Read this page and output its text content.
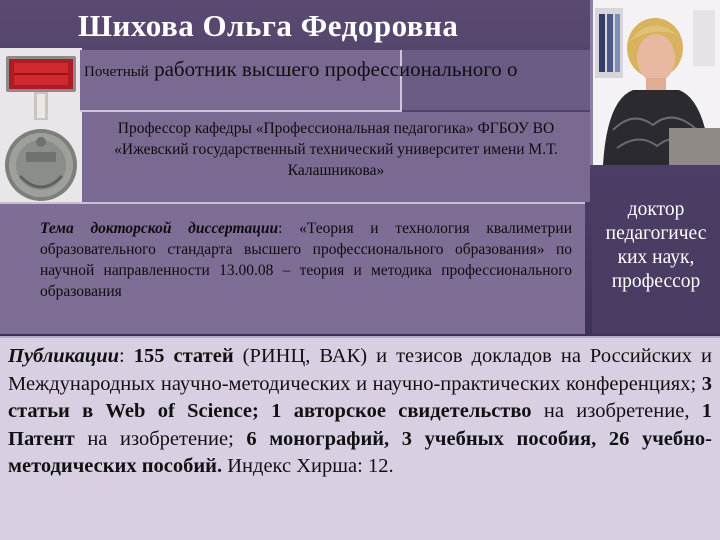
Шихова Ольга Федоровна
Почетный работник высшего профессионального о
Профессор кафедры «Профессиональная педагогика» ФГБОУ ВО «Ижевский государственный технический университет имени М.Т. Калашникова»
Тема докторской диссертации: «Теория и технология квалиметрии образовательного стандарта высшего профессионального образования» по научной направленности 13.00.08 – теория и методика профессионального образования
доктор педагогичес ких наук, профессор
Публикации: 155 статей (РИНЦ, ВАК) и тезисов докладов на Российских и Международных научно-методических и научно-практических конференциях; 3 статьи в Web of Science; 1 авторское свидетельство на изобретение, 1 Патент на изобретение; 6 монографий, 3 учебных пособия, 26 учебно-методических пособий. Индекс Хирша: 12.
